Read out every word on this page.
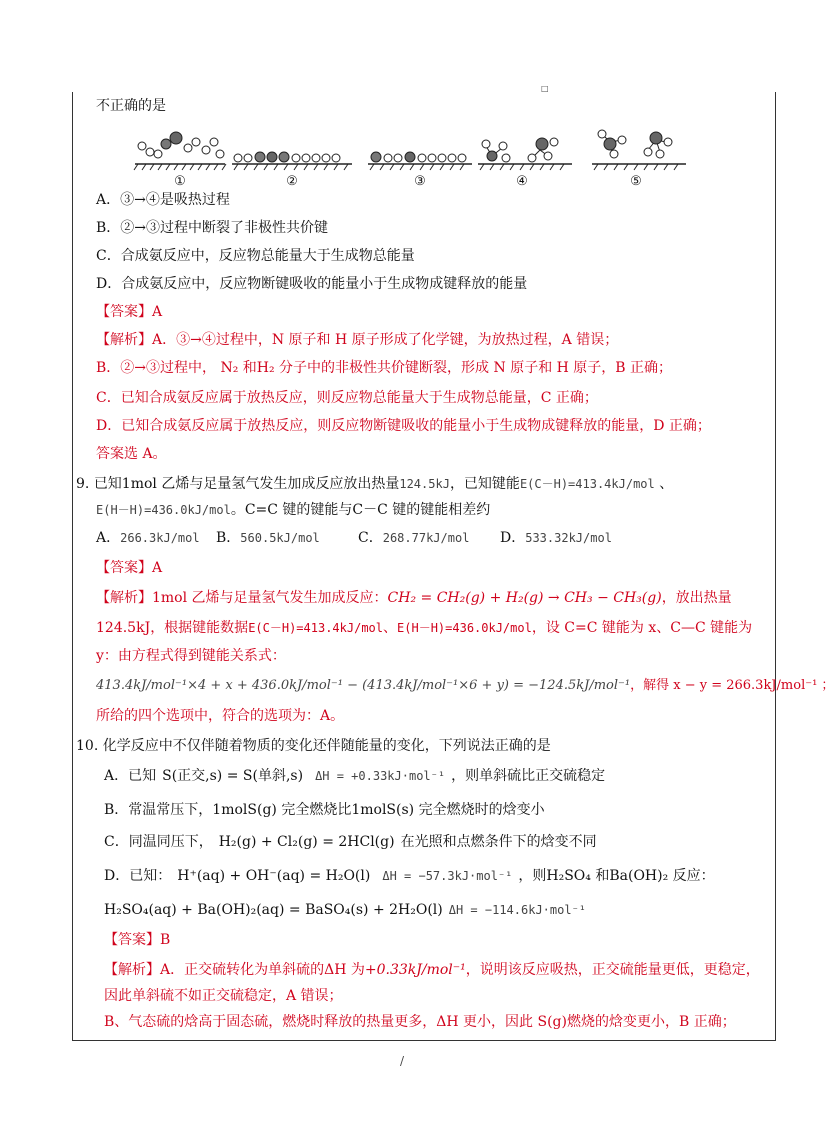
□
不正确的是
①	②	③	④	⑤
A．③→④是吸热过程
B．②→③过程中断裂了非极性共价键
C．合成氨反应中，反应物总能量大于生成物总能量
D．合成氨反应中，反应物断键吸收的能量小于生成物成键释放的能量
【答案】A
【解析】A．③→④过程中，N 原子和 H 原子形成了化学键，为放热过程，A 错误；
B．②→③过程中， N₂ 和H₂ 分子中的非极性共价键断裂，形成 N 原子和 H 原子，B 正确；
C．已知合成氨反应属于放热反应，则反应物总能量大于生成物总能量，C 正确；
D．已知合成氨反应属于放热反应，则反应物断键吸收的能量小于生成物成键释放的能量，D 正确；
答案选 A。
9. 已知1mol 乙烯与足量氢气发生加成反应放出热量124.5kJ，已知键能E(C－H)=413.4kJ/mol 、
E(H－H)=436.0kJ/mol。C=C 键的键能与C－C 键的键能相差约
A．266.3kJ/mol B．560.5kJ/mol	C．268.77kJ/mol D．533.32kJ/mol
【答案】A
【解析】1mol 乙烯与足量氢气发生加成反应：CH₂ = CH₂(g) + H₂(g) → CH₃ − CH₃(g)，放出热量
124.5kJ，根据键能数据E(C－H)=413.4kJ/mol、E(H－H)=436.0kJ/mol，设 C=C 键能为 x、C—C 键能为
y：由方程式得到键能关系式：
413.4kJ/mol⁻¹×4 + x + 436.0kJ/mol⁻¹ − (413.4kJ/mol⁻¹×6 + y) = −124.5kJ/mol⁻¹，解得 x − y = 266.3kJ/mol⁻¹ ；
所给的四个选项中，符合的选项为：A。
10. 化学反应中不仅伴随着物质的变化还伴随能量的变化，下列说法正确的是
A．已知 S(正交,s) = S(单斜,s) ΔH = +0.33kJ·mol⁻¹ ，则单斜硫比正交硫稳定
B．常温常压下，1molS(g) 完全燃烧比1molS(s) 完全燃烧时的焓变小
C．同温同压下， H₂(g) + Cl₂(g) = 2HCl(g) 在光照和点燃条件下的焓变不同
D．已知： H⁺(aq) + OH⁻(aq) = H₂O(l) ΔH = −57.3kJ·mol⁻¹ ，则H₂SO₄ 和Ba(OH)₂ 反应：
H₂SO₄(aq) + Ba(OH)₂(aq) = BaSO₄(s) + 2H₂O(l) ΔH = −114.6kJ·mol⁻¹
【答案】B
【解析】A．正交硫转化为单斜硫的ΔH 为+0.33kJ/mol⁻¹，说明该反应吸热，正交硫能量更低，更稳定，
因此单斜硫不如正交硫稳定，A 错误；
B、气态硫的焓高于固态硫，燃烧时释放的热量更多，ΔH 更小，因此 S(g)燃烧的焓变更小，B 正确；
/
